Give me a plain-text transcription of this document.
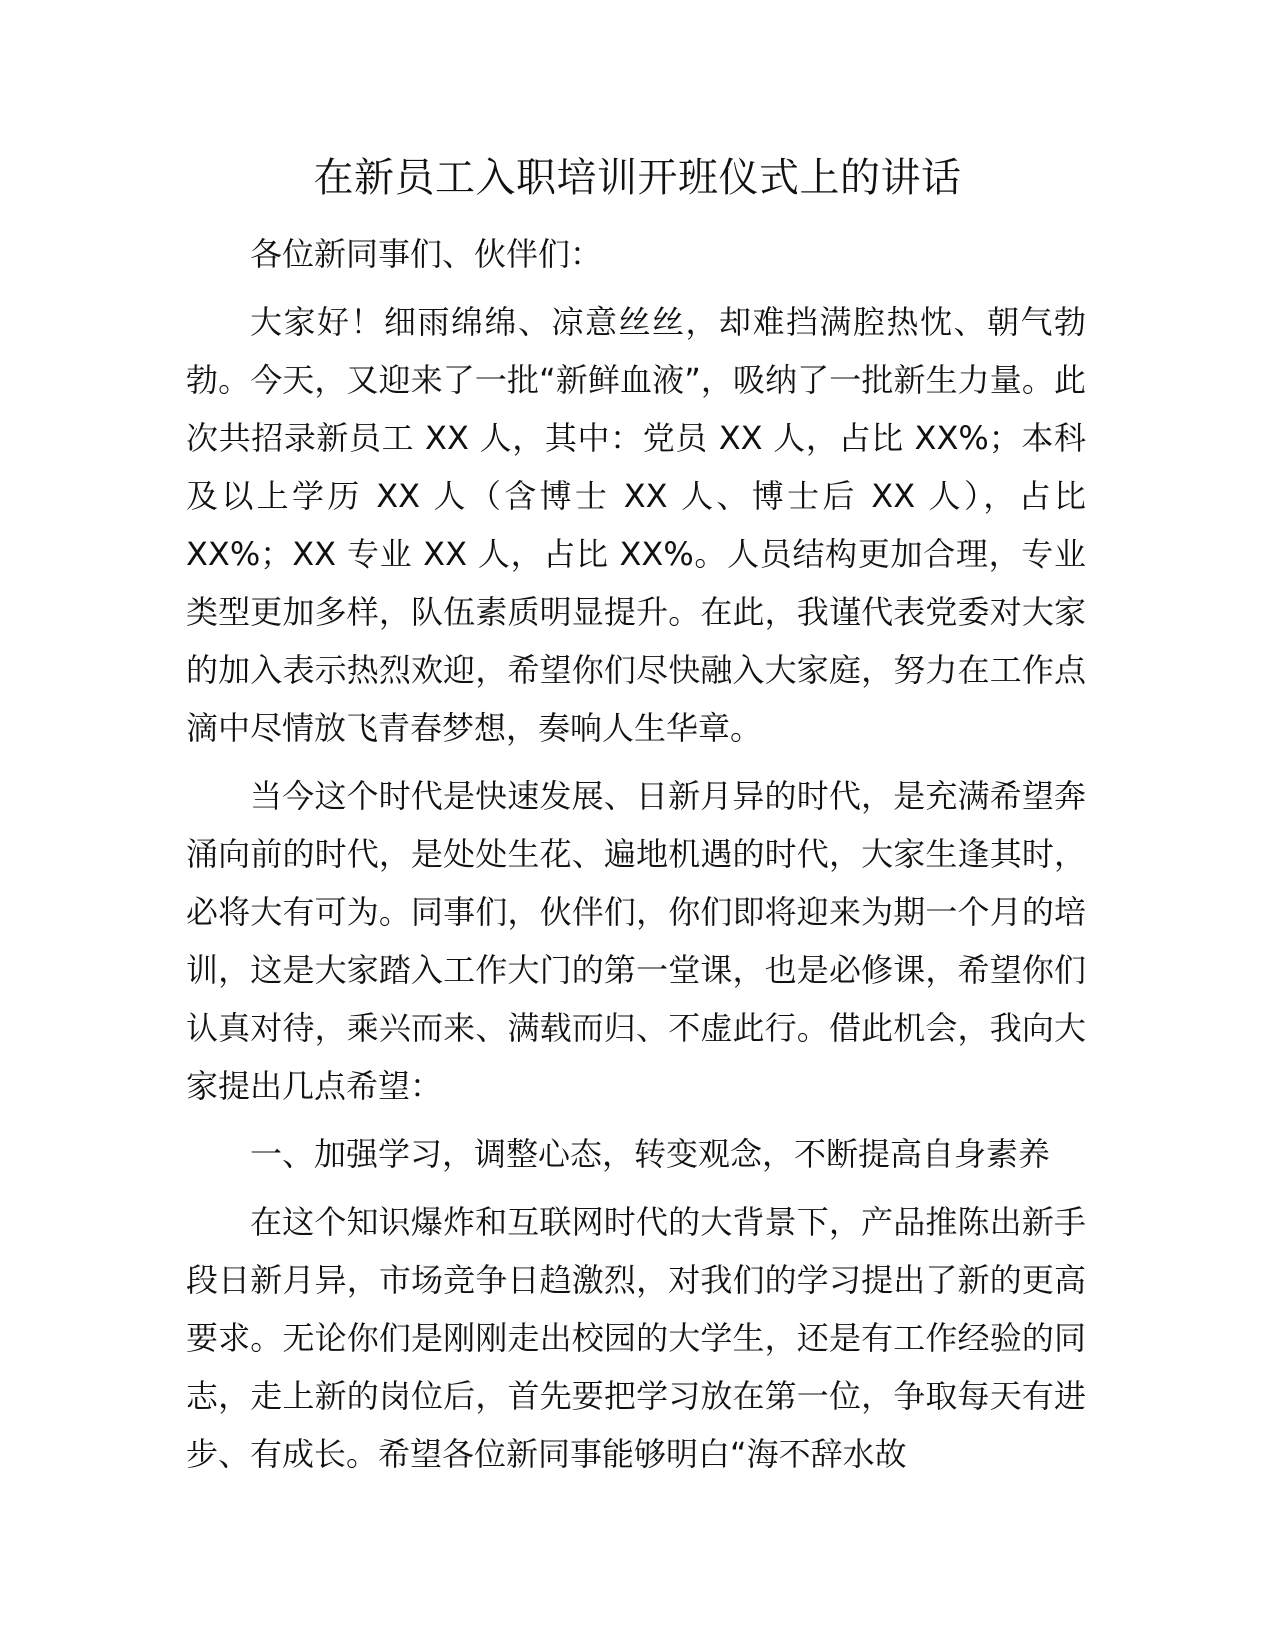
在新员工入职培训开班仪式上的讲话

各位新同事们、伙伴们：

大家好！细雨绵绵、凉意丝丝，却难挡满腔热忱、朝气勃勃。今天，又迎来了一批“新鲜血液”，吸纳了一批新生力量。此次共招录新员工 XX 人，其中：党员 XX 人，占比 XX%；本科及以上学历 XX 人（含博士 XX 人、博士后 XX 人），占比 XX%；XX 专业 XX 人，占比 XX%。人员结构更加合理，专业类型更加多样，队伍素质明显提升。在此，我谨代表党委对大家的加入表示热烈欢迎，希望你们尽快融入大家庭，努力在工作点滴中尽情放飞青春梦想，奏响人生华章。

当今这个时代是快速发展、日新月异的时代，是充满希望奔涌向前的时代，是处处生花、遍地机遇的时代，大家生逢其时，必将大有可为。同事们，伙伴们，你们即将迎来为期一个月的培训，这是大家踏入工作大门的第一堂课，也是必修课，希望你们认真对待，乘兴而来、满载而归、不虚此行。借此机会，我向大家提出几点希望：

一、加强学习，调整心态，转变观念，不断提高自身素养

在这个知识爆炸和互联网时代的大背景下，产品推陈出新手段日新月异，市场竞争日趋激烈，对我们的学习提出了新的更高要求。无论你们是刚刚走出校园的大学生，还是有工作经验的同志，走上新的岗位后，首先要把学习放在第一位，争取每天有进步、有成长。希望各位新同事能够明白“海不辞水故
